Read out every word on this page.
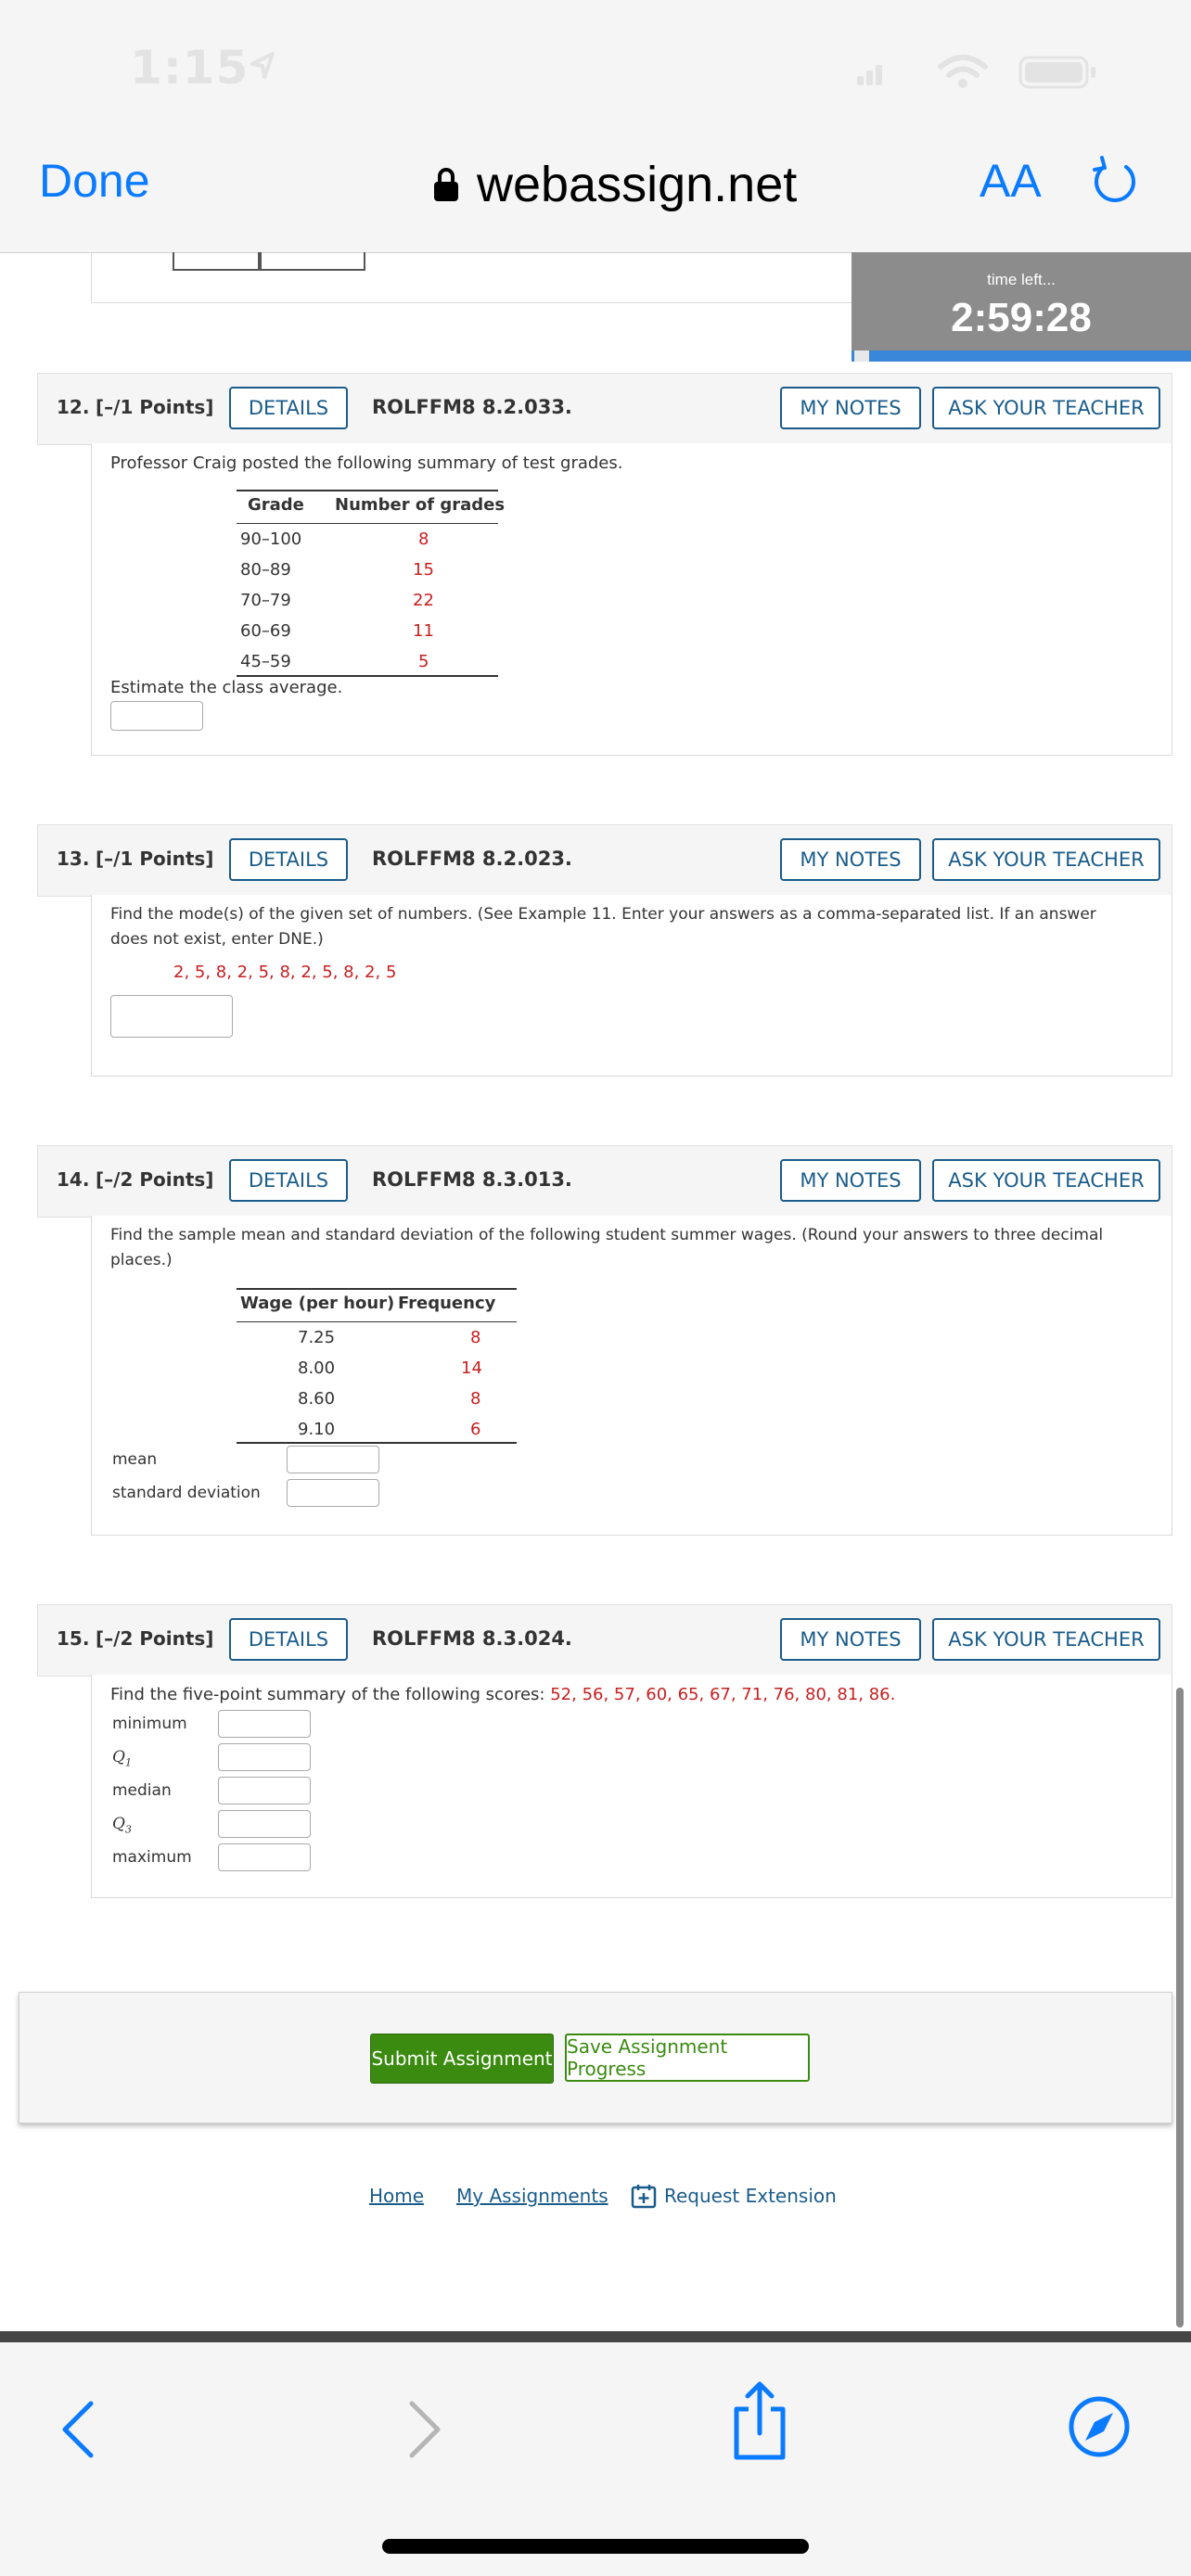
1:15
Done	webassign.net	AA
time left...
2:59:28
12. [–/1 Points]	DETAILS	ROLFFM8 8.2.033.	MY NOTES	ASK YOUR TEACHER
Professor Craig posted the following summary of test grades.
Grade Number of grades
90–100	8
80–89	15
70–79	22
60–69	11
45–59	5
Estimate the class average.
13. [–/1 Points]	DETAILS	ROLFFM8 8.2.023.	MY NOTES	ASK YOUR TEACHER
Find the mode(s) of the given set of numbers. (See Example 11. Enter your answers as a comma-separated list. If an answer
does not exist, enter DNE.)
2, 5, 8, 2, 5, 8, 2, 5, 8, 2, 5
14. [–/2 Points]	DETAILS	ROLFFM8 8.3.013.	MY NOTES	ASK YOUR TEACHER
Find the sample mean and standard deviation of the following student summer wages. (Round your answers to three decimal
places.)
Wage (per hour) Frequency
7.25	8
8.00	14
8.60	8
9.10	6
mean
standard deviation
15. [–/2 Points]	DETAILS	ROLFFM8 8.3.024.	MY NOTES	ASK YOUR TEACHER
Find the five-point summary of the following scores: 52, 56, 57, 60, 65, 67, 71, 76, 80, 81, 86.
minimum
$Q_1$
median
$Q_3$
maximum
Submit Assignment
Save Assignment Progress
Home My Assignments	Request Extension
